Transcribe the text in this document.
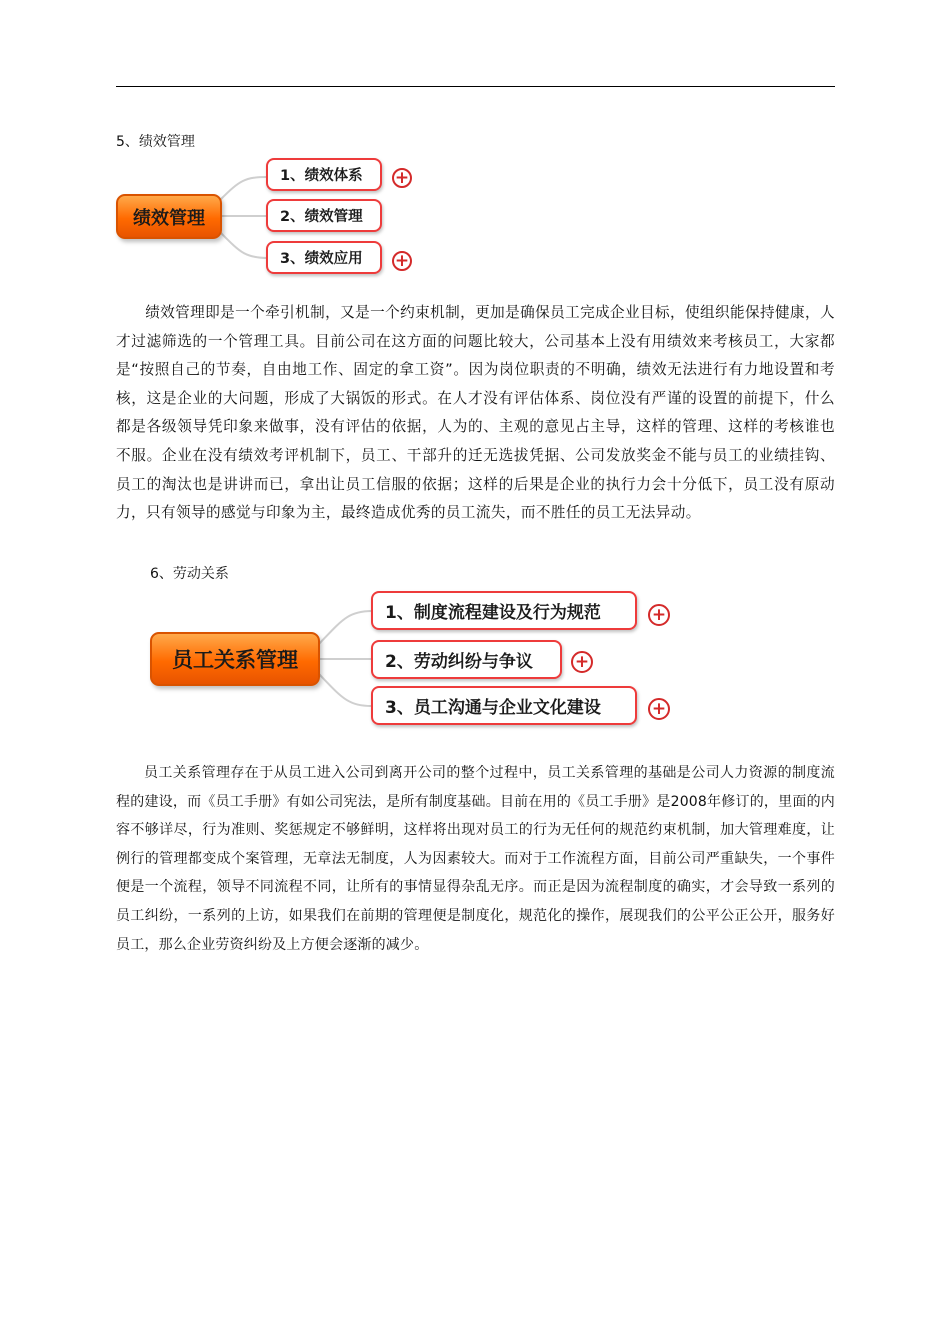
5、绩效管理
绩效管理
1、绩效体系	+
2、绩效管理
3、绩效应用	+

绩效管理即是一个牵引机制，又是一个约束机制，更加是确保员工完成企业目标，使组织能保持健康，人才过滤筛选的一个管理工具。目前公司在这方面的问题比较大，公司基本上没有用绩效来考核员工，大家都是“按照自己的节奏，自由地工作、固定的拿工资”。因为岗位职责的不明确，绩效无法进行有力地设置和考核，这是企业的大问题，形成了大锅饭的形式。在人才没有评估体系、岗位没有严谨的设置的前提下，什么都是各级领导凭印象来做事，没有评估的依据，人为的、主观的意见占主导，这样的管理、这样的考核谁也不服。企业在没有绩效考评机制下，员工、干部升的迁无选拔凭据、公司发放奖金不能与员工的业绩挂钩、员工的淘汰也是讲讲而已，拿出让员工信服的依据；这样的后果是企业的执行力会十分低下，员工没有原动力，只有领导的感觉与印象为主，最终造成优秀的员工流失，而不胜任的员工无法异动。

6、劳动关系
员工关系管理
1、制度流程建设及行为规范	+
2、劳动纠纷与争议	+
3、员工沟通与企业文化建设	+

员工关系管理存在于从员工进入公司到离开公司的整个过程中，员工关系管理的基础是公司人力资源的制度流程的建设，而《员工手册》有如公司宪法，是所有制度基础。目前在用的《员工手册》是2008年修订的，里面的内容不够详尽，行为准则、奖惩规定不够鲜明，这样将出现对员工的行为无任何的规范约束机制，加大管理难度，让例行的管理都变成个案管理，无章法无制度，人为因素较大。而对于工作流程方面，目前公司严重缺失，一个事件便是一个流程，领导不同流程不同，让所有的事情显得杂乱无序。而正是因为流程制度的确实，才会导致一系列的员工纠纷，一系列的上访，如果我们在前期的管理便是制度化，规范化的操作，展现我们的公平公正公开，服务好员工，那么企业劳资纠纷及上方便会逐渐的减少。
